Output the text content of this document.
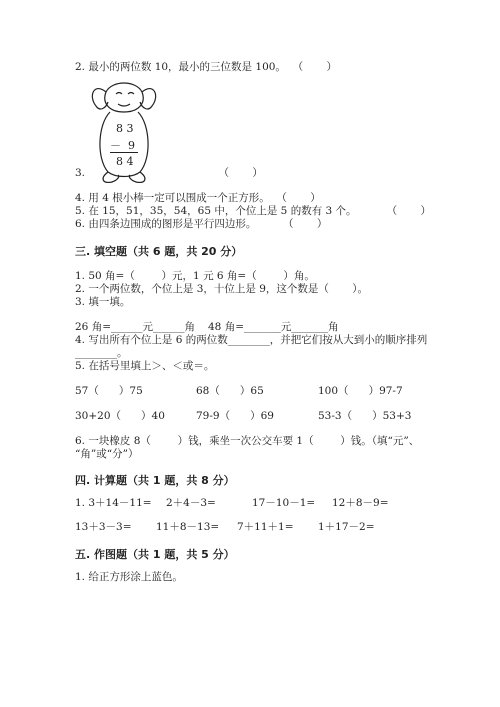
2. 最小的两位数 10，最小的三位数是 100。  （       ）
8 3
－  9
8 4
3.                                        （       ）
4. 用 4 根小棒一定可以围成一个正方形。  （       ）
5. 在 15，51，35，54，65 中，个位上是 5 的数有 3 个。         （       ）
6. 由四条边围成的图形是平行四边形。        （       ）
三. 填空题（共 6 题，共 20 分）
1. 50 角=（        ）元，1 元 6 角=（        ）角。
2. 一个两位数，个位上是 3，十位上是 9，这个数是（       ）。
3. 填一填。
26 角=______元______角 48 角=_______元_______角
4. 写出所有个位上是 6 的两位数________，并把它们按从大到小的顺序排列
________。
5. 在括号里填上＞、＜或＝。
57（      ）75	68（      ）65	100（      ）97-7
30+20（      ）40	79-9（      ）69	53-3（      ）53+3
6. 一块橡皮 8（        ）钱，乘坐一次公交车要 1（        ）钱。（填“元”、
“角”或“分”）
四. 计算题（共 1 题，共 8 分）
1. 3＋14－11= 2＋4－3=	17－10－1= 12＋8－9=
13＋3－3= 11＋8－13= 7＋11＋1= 1＋17－2=
五. 作图题（共 1 题，共 5 分）
1. 给正方形涂上蓝色。
